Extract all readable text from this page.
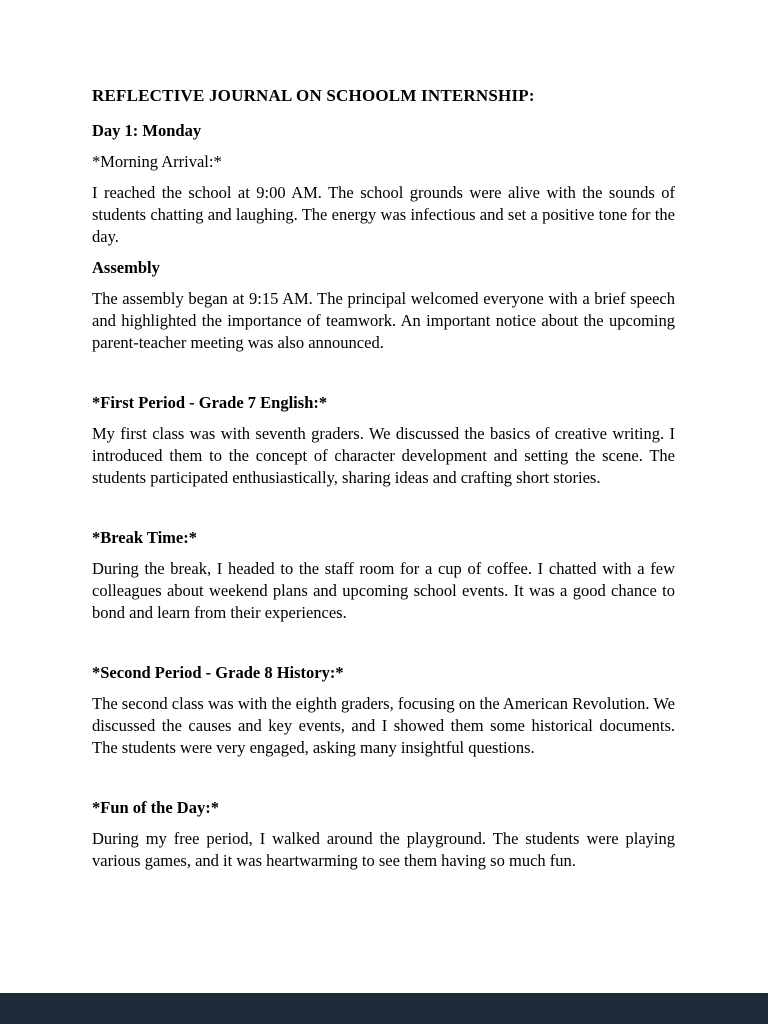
REFLECTIVE JOURNAL ON SCHOOLM INTERNSHIP:

Day 1: Monday

*Morning Arrival:*

I reached the school at 9:00 AM. The school grounds were alive with the sounds of students chatting and laughing. The energy was infectious and set a positive tone for the day.

Assembly

The assembly began at 9:15 AM. The principal welcomed everyone with a brief speech and highlighted the importance of teamwork. An important notice about the upcoming parent-teacher meeting was also announced.

*First Period - Grade 7 English:*

My first class was with seventh graders. We discussed the basics of creative writing. I introduced them to the concept of character development and setting the scene. The students participated enthusiastically, sharing ideas and crafting short stories.

*Break Time:*

During the break, I headed to the staff room for a cup of coffee. I chatted with a few colleagues about weekend plans and upcoming school events. It was a good chance to bond and learn from their experiences.

*Second Period - Grade 8 History:*

The second class was with the eighth graders, focusing on the American Revolution. We discussed the causes and key events, and I showed them some historical documents. The students were very engaged, asking many insightful questions.

*Fun of the Day:*

During my free period, I walked around the playground. The students were playing various games, and it was heartwarming to see them having so much fun.
